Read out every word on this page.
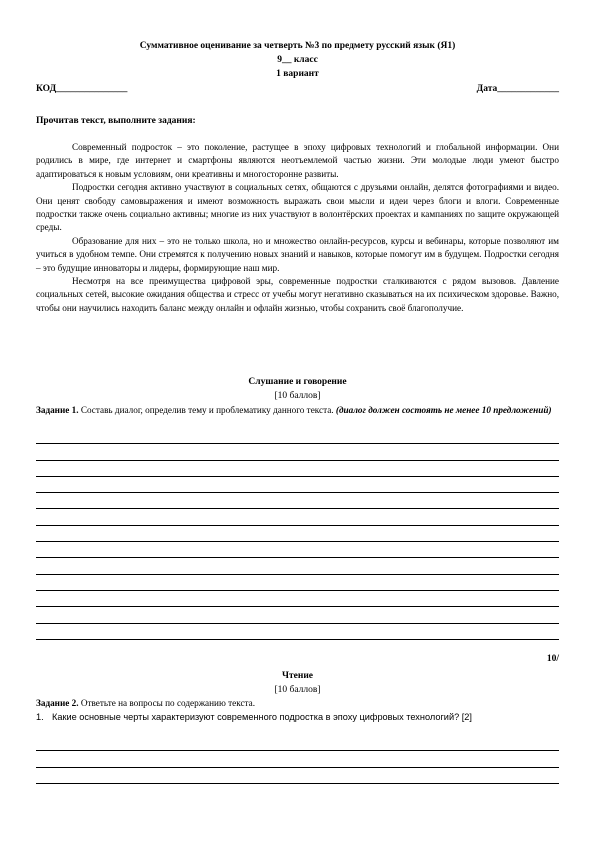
Суммативное оценивание за четверть №3 по предмету русский язык (Я1)
9__ класс
1 вариант
КОД_______________	Дата_____________
Прочитав текст, выполните задания:

Современный подросток – это поколение, растущее в эпоху цифровых технологий и глобальной информации. Они родились в мире, где интернет и смартфоны являются неотъемлемой частью жизни. Эти молодые люди умеют быстро адаптироваться к новым условиям, они креативны и многосторонне развиты.

Подростки сегодня активно участвуют в социальных сетях, общаются с друзьями онлайн, делятся фотографиями и видео. Они ценят свободу самовыражения и имеют возможность выражать свои мысли и идеи через блоги и влоги. Современные подростки также очень социально активны; многие из них участвуют в волонтёрских проектах и кампаниях по защите окружающей среды.

Образование для них – это не только школа, но и множество онлайн-ресурсов, курсы и вебинары, которые позволяют им учиться в удобном темпе. Они стремятся к получению новых знаний и навыков, которые помогут им в будущем. Подростки сегодня – это будущие инноваторы и лидеры, формирующие наш мир.

Несмотря на все преимущества цифровой эры, современные подростки сталкиваются с рядом вызовов. Давление социальных сетей, высокие ожидания общества и стресс от учебы могут негативно сказываться на их психическом здоровье. Важно, чтобы они научились находить баланс между онлайн и офлайн жизнью, чтобы сохранить своё благополучие.

Слушание и говорение
[10 баллов]
Задание 1. Составь диалог, определив тему и проблематику данного текста. (диалог должен состоять не менее 10 предложений)
10/
Чтение
[10 баллов]
Задание 2. Ответьте на вопросы по содержанию текста.
1. Какие основные черты характеризуют современного подростка в эпоху цифровых технологий? [2]
